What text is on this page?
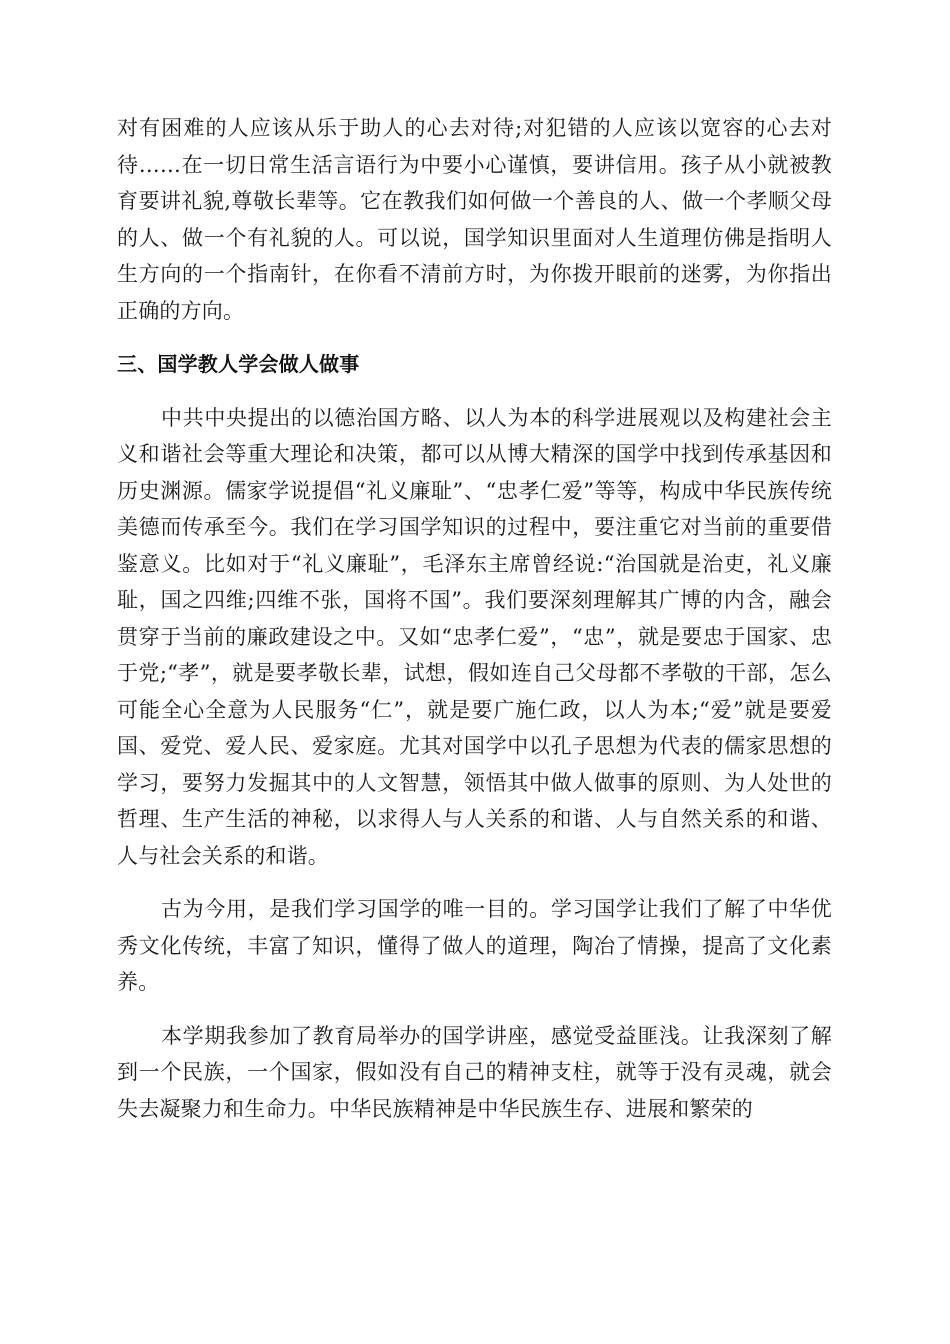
对有困难的人应该从乐于助人的心去对待;对犯错的人应该以宽容的心去对待……在一切日常生活言语行为中要小心谨慎，要讲信用。孩子从小就被教育要讲礼貌,尊敬长辈等。它在教我们如何做一个善良的人、做一个孝顺父母的人、做一个有礼貌的人。可以说，国学知识里面对人生道理仿佛是指明人生方向的一个指南针，在你看不清前方时，为你拨开眼前的迷雾，为你指出正确的方向。

三、国学教人学会做人做事

中共中央提出的以德治国方略、以人为本的科学进展观以及构建社会主义和谐社会等重大理论和决策，都可以从博大精深的国学中找到传承基因和历史渊源。儒家学说提倡“礼义廉耻”、“忠孝仁爱”等等，构成中华民族传统美德而传承至今。我们在学习国学知识的过程中，要注重它对当前的重要借鉴意义。比如对于“礼义廉耻”，毛泽东主席曾经说:“治国就是治吏，礼义廉耻，国之四维;四维不张，国将不国”。我们要深刻理解其广博的内含，融会贯穿于当前的廉政建设之中。又如“忠孝仁爱”，“忠”，就是要忠于国家、忠于党;“孝”，就是要孝敬长辈，试想，假如连自己父母都不孝敬的干部，怎么可能全心全意为人民服务“仁”，就是要广施仁政，以人为本;“爱”就是要爱国、爱党、爱人民、爱家庭。尤其对国学中以孔子思想为代表的儒家思想的学习，要努力发掘其中的人文智慧，领悟其中做人做事的原则、为人处世的哲理、生产生活的神秘，以求得人与人关系的和谐、人与自然关系的和谐、人与社会关系的和谐。

古为今用，是我们学习国学的唯一目的。学习国学让我们了解了中华优秀文化传统，丰富了知识，懂得了做人的道理，陶冶了情操，提高了文化素养。

本学期我参加了教育局举办的国学讲座，感觉受益匪浅。让我深刻了解到一个民族，一个国家，假如没有自己的精神支柱，就等于没有灵魂，就会失去凝聚力和生命力。中华民族精神是中华民族生存、进展和繁荣的
